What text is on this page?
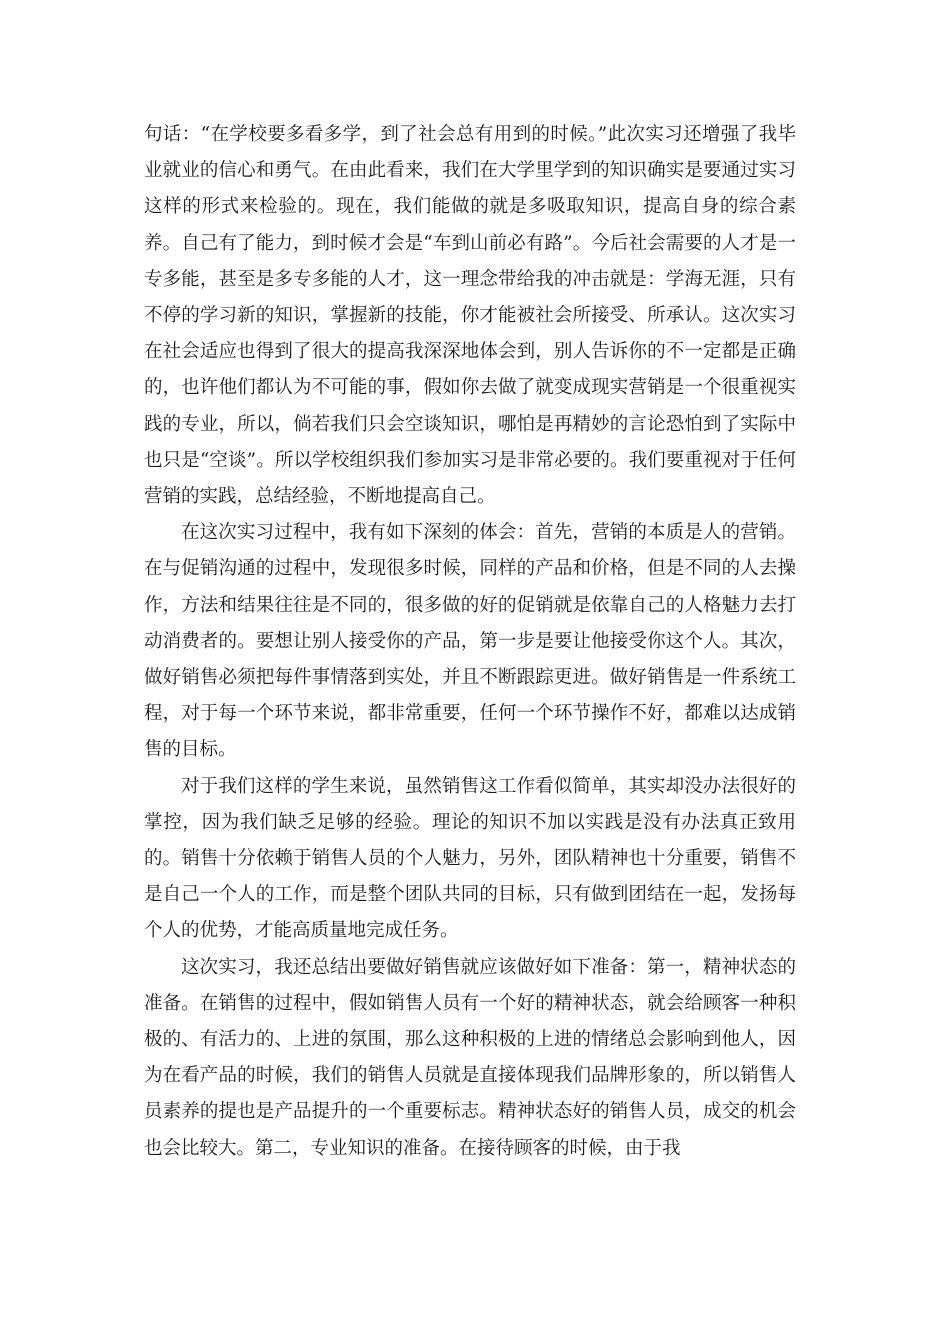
句话：“在学校要多看多学，到了社会总有用到的时候。”此次实习还增强了我毕业就业的信心和勇气。在由此看来，我们在大学里学到的知识确实是要通过实习这样的形式来检验的。现在，我们能做的就是多吸取知识，提高自身的综合素养。自己有了能力，到时候才会是“车到山前必有路”。今后社会需要的人才是一专多能，甚至是多专多能的人才，这一理念带给我的冲击就是：学海无涯，只有不停的学习新的知识，掌握新的技能，你才能被社会所接受、所承认。这次实习在社会适应也得到了很大的提高我深深地体会到，别人告诉你的不一定都是正确的，也许他们都认为不可能的事，假如你去做了就变成现实营销是一个很重视实践的专业，所以，倘若我们只会空谈知识，哪怕是再精妙的言论恐怕到了实际中也只是“空谈”。所以学校组织我们参加实习是非常必要的。我们要重视对于任何营销的实践，总结经验，不断地提高自己。

在这次实习过程中，我有如下深刻的体会：首先，营销的本质是人的营销。在与促销沟通的过程中，发现很多时候，同样的产品和价格，但是不同的人去操作，方法和结果往往是不同的，很多做的好的促销就是依靠自己的人格魅力去打动消费者的。要想让别人接受你的产品，第一步是要让他接受你这个人。其次，做好销售必须把每件事情落到实处，并且不断跟踪更进。做好销售是一件系统工程，对于每一个环节来说，都非常重要，任何一个环节操作不好，都难以达成销售的目标。

对于我们这样的学生来说，虽然销售这工作看似简单，其实却没办法很好的掌控，因为我们缺乏足够的经验。理论的知识不加以实践是没有办法真正致用的。销售十分依赖于销售人员的个人魅力，另外，团队精神也十分重要，销售不是自己一个人的工作，而是整个团队共同的目标，只有做到团结在一起，发扬每个人的优势，才能高质量地完成任务。

这次实习，我还总结出要做好销售就应该做好如下准备：第一，精神状态的准备。在销售的过程中，假如销售人员有一个好的精神状态，就会给顾客一种积极的、有活力的、上进的氛围，那么这种积极的上进的情绪总会影响到他人，因为在看产品的时候，我们的销售人员就是直接体现我们品牌形象的，所以销售人员素养的提也是产品提升的一个重要标志。精神状态好的销售人员，成交的机会也会比较大。第二，专业知识的准备。在接待顾客的时候，由于我
